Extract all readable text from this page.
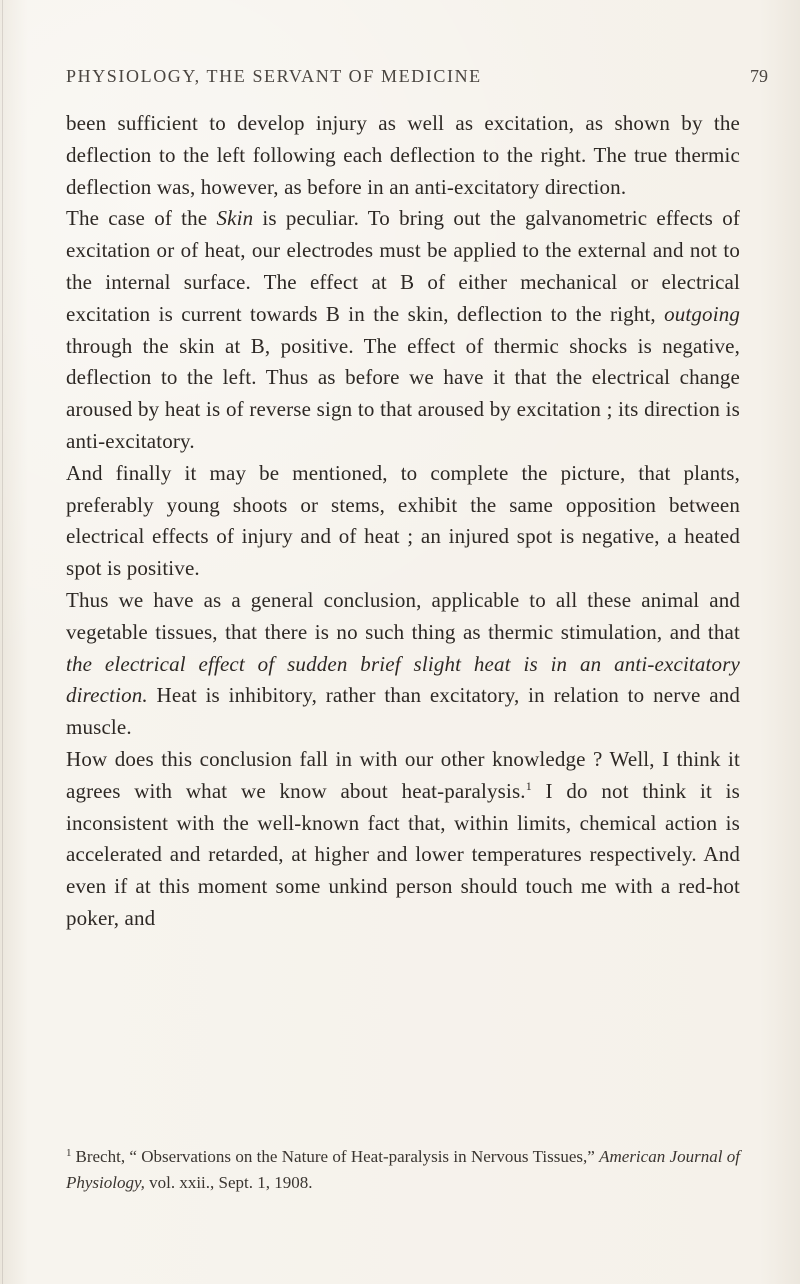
PHYSIOLOGY, THE SERVANT OF MEDICINE	79

been sufficient to develop injury as well as excitation, as shown by the deflection to the left following each deflection to the right. The true thermic deflection was, however, as before in an anti-excitatory direction.

The case of the Skin is peculiar. To bring out the galvanometric effects of excitation or of heat, our electrodes must be applied to the external and not to the internal surface. The effect at B of either mechanical or electrical excitation is current towards B in the skin, deflection to the right, outgoing through the skin at B, positive. The effect of thermic shocks is negative, deflection to the left. Thus as before we have it that the electrical change aroused by heat is of reverse sign to that aroused by excitation ; its direction is anti-excitatory.

And finally it may be mentioned, to complete the picture, that plants, preferably young shoots or stems, exhibit the same opposition between electrical effects of injury and of heat ; an injured spot is negative, a heated spot is positive.

Thus we have as a general conclusion, applicable to all these animal and vegetable tissues, that there is no such thing as thermic stimulation, and that the electrical effect of sudden brief slight heat is in an anti-excitatory direction. Heat is inhibitory, rather than excitatory, in relation to nerve and muscle.

How does this conclusion fall in with our other knowledge ? Well, I think it agrees with what we know about heat-paralysis.$^1$ I do not think it is inconsistent with the well-known fact that, within limits, chemical action is accelerated and retarded, at higher and lower temperatures respectively. And even if at this moment some unkind person should touch me with a red-hot poker, and

$^1$ Brecht, “ Observations on the Nature of Heat-paralysis in Nervous Tissues,” American Journal of Physiology, vol. xxii., Sept. 1, 1908.
